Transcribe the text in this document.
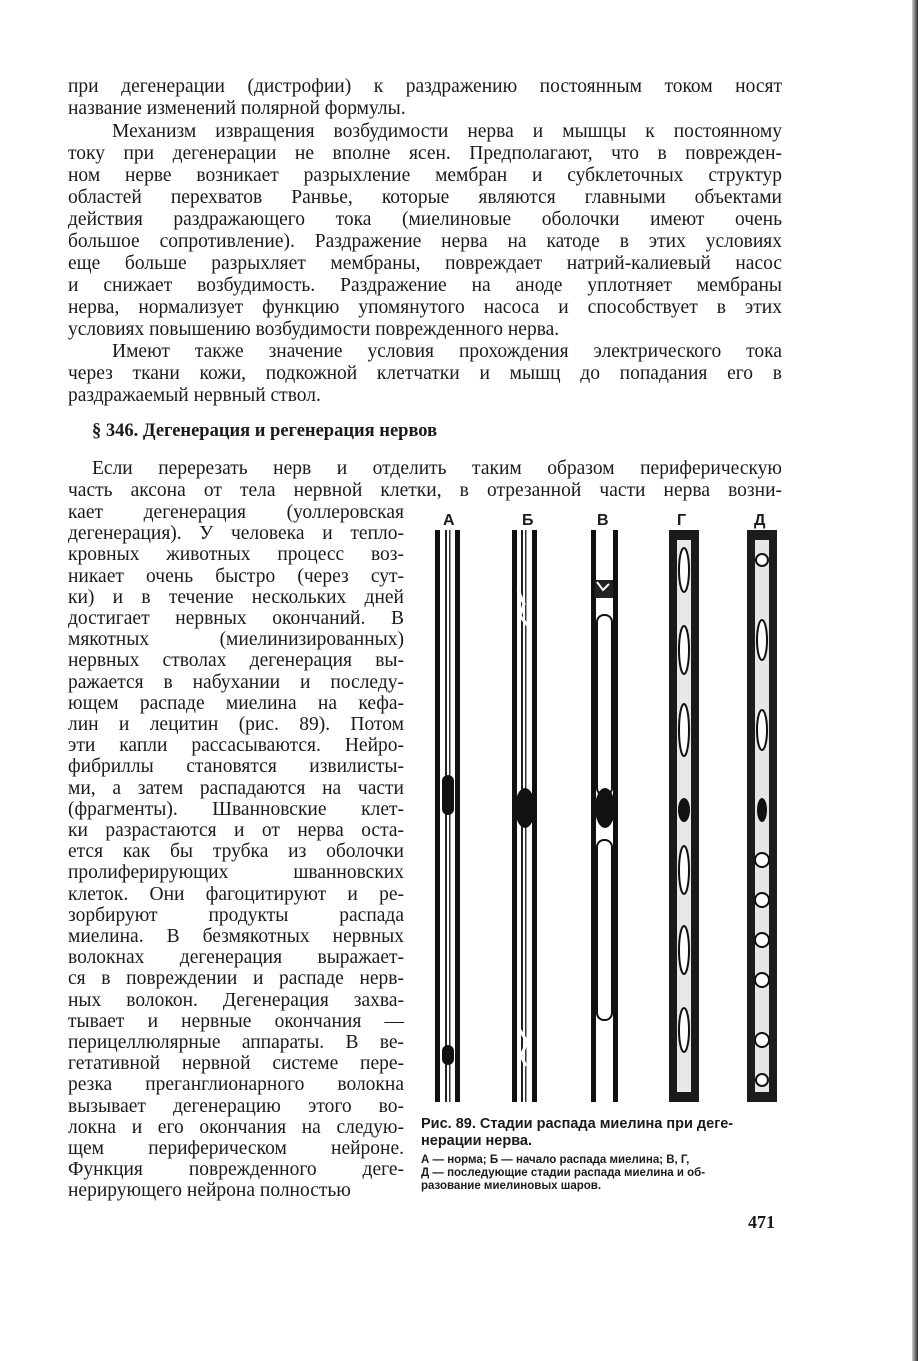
при дегенерации (дистрофии) к раздражению постоянным током носят
название изменений полярной формулы.
Механизм извращения возбудимости нерва и мышцы к постоянному
току при дегенерации не вполне ясен. Предполагают, что в поврежден-
ном нерве возникает разрыхление мембран и субклеточных структур
областей перехватов Ранвье, которые являются главными объектами
действия раздражающего тока (миелиновые оболочки имеют очень
большое сопротивление). Раздражение нерва на катоде в этих условиях
еще больше разрыхляет мембраны, повреждает натрий-калиевый насос
и снижает возбудимость. Раздражение на аноде уплотняет мембраны
нерва, нормализует функцию упомянутого насоса и способствует в этих
условиях повышению возбудимости поврежденного нерва.
Имеют также значение условия прохождения электрического тока
через ткани кожи, подкожной клетчатки и мышц до попадания его в
раздражаемый нервный ствол.
§ 346. Дегенерация и регенерация нервов
Если перерезать нерв и отделить таким образом периферическую
часть аксона от тела нервной клетки, в отрезанной части нерва возни-
кает дегенерация (уоллеровская
дегенерация). У человека и тепло-
кровных животных процесс воз-
никает очень быстро (через сут-
ки) и в течение нескольких дней
достигает нервных окончаний. В
мякотных (миелинизированных)
нервных стволах дегенерация вы-
ражается в набухании и последу-
ющем распаде миелина на кефа-
лин и лецитин (рис. 89). Потом
эти капли рассасываются. Нейро-
фибриллы становятся извилисты-
ми, а затем распадаются на части
(фрагменты). Шванновские клет-
ки разрастаются и от нерва оста-
ется как бы трубка из оболочки
пролиферирующих шванновских
клеток. Они фагоцитируют и ре-
зорбируют продукты распада
миелина. В безмякотных нервных
волокнах дегенерация выражает-
ся в повреждении и распаде нерв-
ных волокон. Дегенерация захва-
тывает и нервные окончания —
перицеллюлярные аппараты. В ве-
гетативной нервной системе пере-
резка преганглионарного волокна
вызывает дегенерацию этого во-
локна и его окончания на следую-
щем периферическом нейроне.
Функция поврежденного деге-
нерирующего нейрона полностью
А	Б	В	Г	Д
Рис. 89. Стадии распада миелина при деге-
нерации нерва.
А — норма; Б — начало распада миелина; В, Г,
Д — последующие стадии распада миелина и об-
разование миелиновых шаров.
471
